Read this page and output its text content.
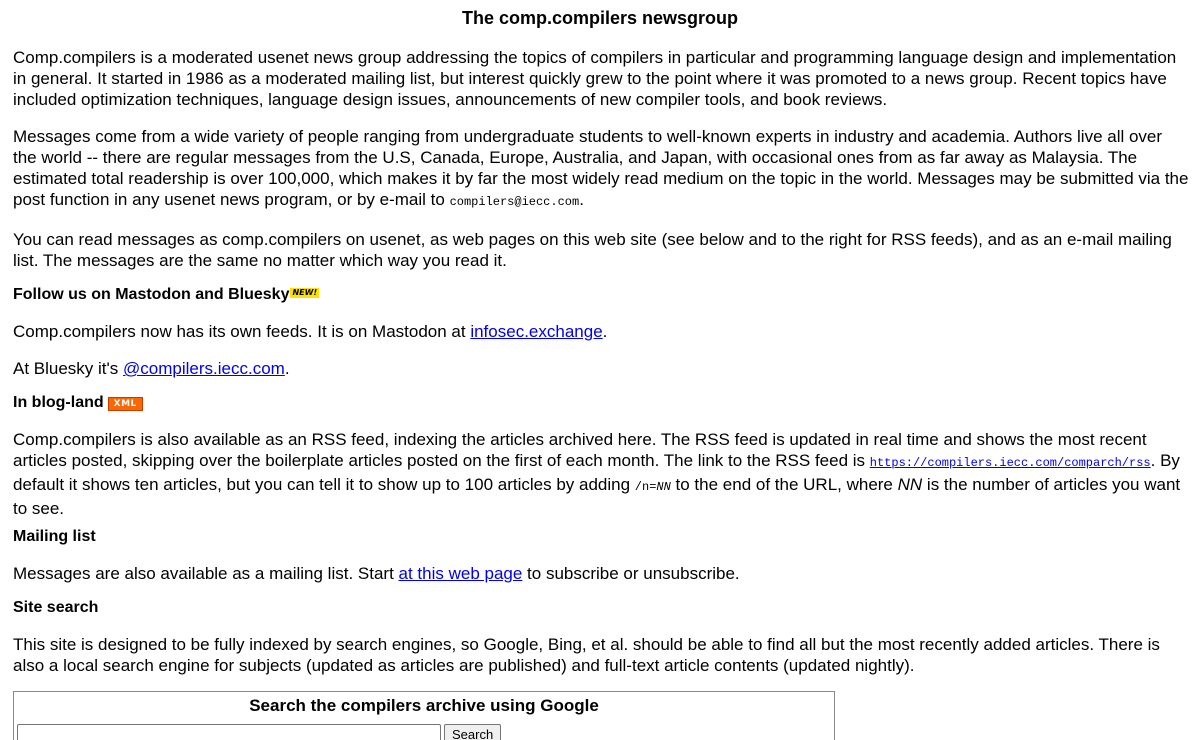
The comp.compilers newsgroup

Comp.compilers is a moderated usenet news group addressing the topics of compilers in particular and programming language design and implementation in general. It started in 1986 as a moderated mailing list, but interest quickly grew to the point where it was promoted to a news group. Recent topics have included optimization techniques, language design issues, announcements of new compiler tools, and book reviews.

Messages come from a wide variety of people ranging from undergraduate students to well-known experts in industry and academia. Authors live all over the world -- there are regular messages from the U.S, Canada, Europe, Australia, and Japan, with occasional ones from as far away as Malaysia. The estimated total readership is over 100,000, which makes it by far the most widely read medium on the topic in the world. Messages may be submitted via the post function in any usenet news program, or by e-mail to compilers@iecc.com.

You can read messages as comp.compilers on usenet, as web pages on this web site (see below and to the right for RSS feeds), and as an e-mail mailing list. The messages are the same no matter which way you read it.

Follow us on Mastodon and Bluesky NEW!

Comp.compilers now has its own feeds. It is on Mastodon at infosec.exchange.

At Bluesky it's @compilers.iecc.com.

In blog-land XML

Comp.compilers is also available as an RSS feed, indexing the articles archived here. The RSS feed is updated in real time and shows the most recent articles posted, skipping over the boilerplate articles posted on the first of each month. The link to the RSS feed is https://compilers.iecc.com/comparch/rss. By default it shows ten articles, but you can tell it to show up to 100 articles by adding /n=NN to the end of the URL, where NN is the number of articles you want to see.

Mailing list

Messages are also available as a mailing list. Start at this web page to subscribe or unsubscribe.

Site search

This site is designed to be fully indexed by search engines, so Google, Bing, et al. should be able to find all but the most recently added articles. There is also a local search engine for subjects (updated as articles are published) and full-text article contents (updated nightly).

Search the compilers archive using Google
Search
